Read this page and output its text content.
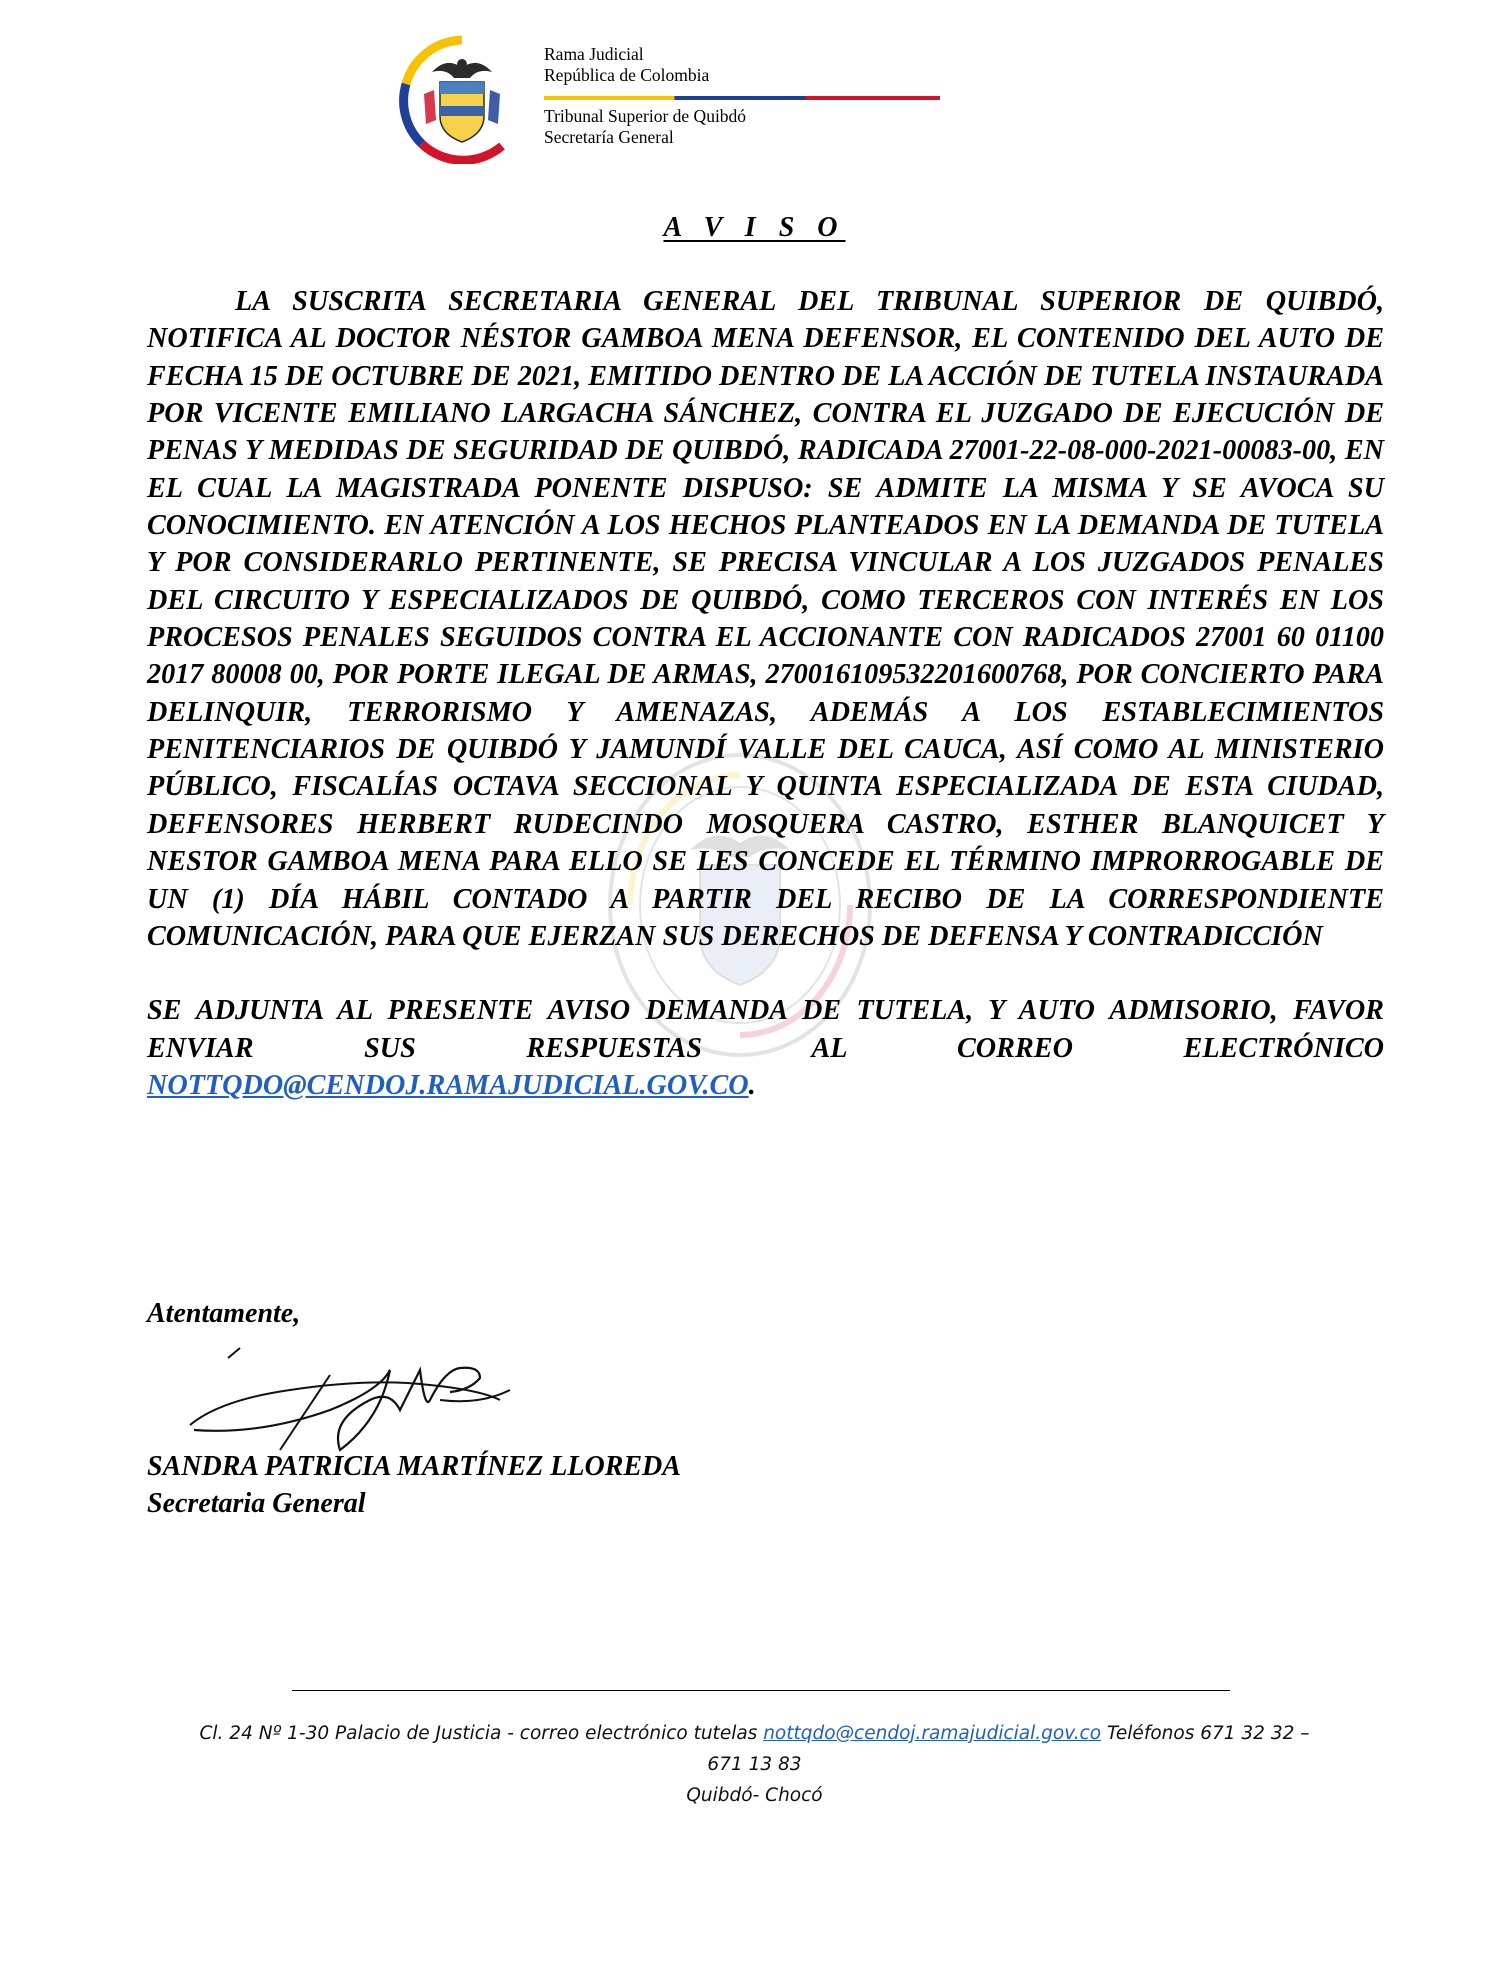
Rama Judicial

República de Colombia

Tribunal Superior de Quibdó

Secretaría General

A V I S O

LA SUSCRITA SECRETARIA GENERAL DEL TRIBUNAL SUPERIOR DE QUIBDÓ, NOTIFICA AL DOCTOR NÉSTOR GAMBOA MENA DEFENSOR, EL CONTENIDO DEL AUTO DE FECHA 15 DE OCTUBRE DE 2021, EMITIDO DENTRO DE LA ACCIÓN DE TUTELA INSTAURADA POR VICENTE EMILIANO LARGACHA SÁNCHEZ, CONTRA EL JUZGADO DE EJECUCIÓN DE PENAS Y MEDIDAS DE SEGURIDAD DE QUIBDÓ, RADICADA 27001-22-08-000-2021-00083-00, EN EL CUAL LA MAGISTRADA PONENTE DISPUSO: SE ADMITE LA MISMA Y SE AVOCA SU CONOCIMIENTO. EN ATENCIÓN A LOS HECHOS PLANTEADOS EN LA DEMANDA DE TUTELA Y POR CONSIDERARLO PERTINENTE, SE PRECISA VINCULAR A LOS JUZGADOS PENALES DEL CIRCUITO Y ESPECIALIZADOS DE QUIBDÓ, COMO TERCEROS CON INTERÉS EN LOS PROCESOS PENALES SEGUIDOS CONTRA EL ACCIONANTE CON RADICADOS 27001 60 01100 2017 80008 00, POR PORTE ILEGAL DE ARMAS, 270016109532201600768, POR CONCIERTO PARA DELINQUIR, TERRORISMO Y AMENAZAS, ADEMÁS A LOS ESTABLECIMIENTOS PENITENCIARIOS DE QUIBDÓ Y JAMUNDÍ VALLE DEL CAUCA, ASÍ COMO AL MINISTERIO PÚBLICO, FISCALÍAS OCTAVA SECCIONAL Y QUINTA ESPECIALIZADA DE ESTA CIUDAD, DEFENSORES HERBERT RUDECINDO MOSQUERA CASTRO, ESTHER BLANQUICET Y NESTOR GAMBOA MENA PARA ELLO SE LES CONCEDE EL TÉRMINO IMPRORROGABLE DE UN (1) DÍA HÁBIL CONTADO A PARTIR DEL RECIBO DE LA CORRESPONDIENTE COMUNICACIÓN, PARA QUE EJERZAN SUS DERECHOS DE DEFENSA Y CONTRADICCIÓN

SE ADJUNTA AL PRESENTE AVISO DEMANDA DE TUTELA, Y AUTO ADMISORIO, FAVOR ENVIAR SUS RESPUESTAS AL CORREO ELECTRÓNICO NOTTQDO@CENDOJ.RAMAJUDICIAL.GOV.CO.

Atentamente,

SANDRA PATRICIA MARTÍNEZ LLOREDA

Secretaria General

Cl. 24 Nº 1-30 Palacio de Justicia - correo electrónico tutelas nottqdo@cendoj.ramajudicial.gov.co Teléfonos 671 32 32 –

671 13 83

Quibdó- Chocó
